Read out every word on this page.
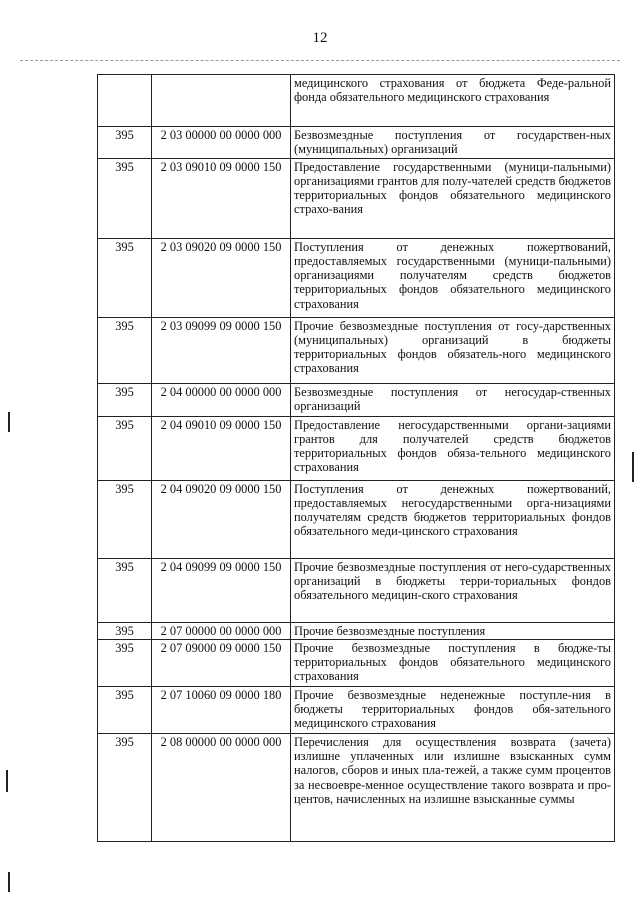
12
		медицинского страхования от бюджета Феде-ральной фонда обязательного медицинского страхования
395	2 03 00000 00 0000 000	Безвозмездные поступления от государствен-ных (муниципальных) организаций
395	2 03 09010 09 0000 150	Предоставление государственными (муници-пальными) организациями грантов для полу-чателей средств бюджетов территориальных фондов обязательного медицинского страхо-вания
395	2 03 09020 09 0000 150	Поступления от денежных пожертвований, предоставляемых государственными (муници-пальными) организациями получателям средств бюджетов территориальных фондов обязательного медицинского страхования
395	2 03 09099 09 0000 150	Прочие безвозмездные поступления от госу-дарственных (муниципальных) организаций в бюджеты территориальных фондов обязатель-ного медицинского страхования
395	2 04 00000 00 0000 000	Безвозмездные поступления от негосудар-ственных организаций
395	2 04 09010 09 0000 150	Предоставление негосударственными органи-зациями грантов для получателей средств бюджетов территориальных фондов обяза-тельного медицинского страхования
395	2 04 09020 09 0000 150	Поступления от денежных пожертвований, предоставляемых негосударственными орга-низациями получателям средств бюджетов территориальных фондов обязательного меди-цинского страхования
395	2 04 09099 09 0000 150	Прочие безвозмездные поступления от него-сударственных организаций в бюджеты терри-ториальных фондов обязательного медицин-ского страхования
395	2 07 00000 00 0000 000	Прочие безвозмездные поступления
395	2 07 09000 09 0000 150	Прочие безвозмездные поступления в бюдже-ты территориальных фондов обязательного медицинского страхования
395	2 07 10060 09 0000 180	Прочие безвозмездные неденежные поступле-ния в бюджеты территориальных фондов обя-зательного медицинского страхования
395	2 08 00000 00 0000 000	Перечисления для осуществления возврата (зачета) излишне уплаченных или излишне взысканных сумм налогов, сборов и иных пла-тежей, а также сумм процентов за несвоевре-менное осуществление такого возврата и про-центов, начисленных на излишне взысканные суммы
